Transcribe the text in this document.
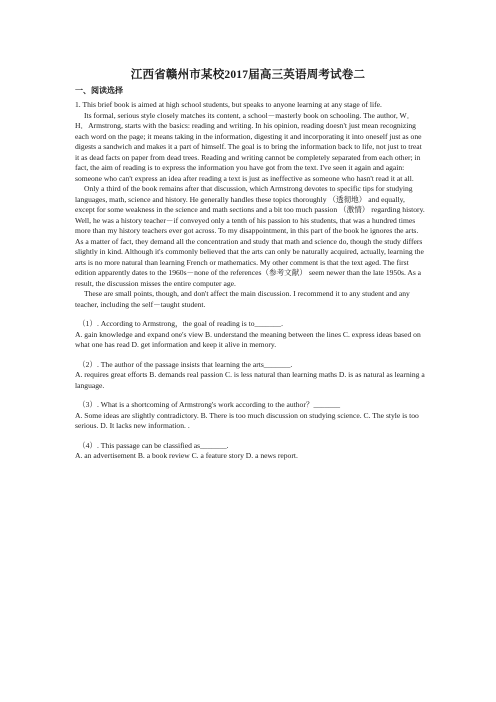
江西省赣州市某校2017届高三英语周考试卷二
一、阅读选择

1. This brief book is aimed at high school students, but speaks to anyone learning at any stage of life.

Its formal, serious style closely matches its content, a school－masterly book on schooling. The author, W．H．Armstrong, starts with the basics: reading and writing. In his opinion, reading doesn't just mean recognizing each word on the page; it means taking in the information, digesting it and incorporating it into oneself just as one digests a sandwich and makes it a part of himself. The goal is to bring the information back to life, not just to treat it as dead facts on paper from dead trees. Reading and writing cannot be completely separated from each other; in fact, the aim of reading is to express the information you have got from the text. I've seen it again and again: someone who can't express an idea after reading a text is just as ineffective as someone who hasn't read it at all.

Only a third of the book remains after that discussion, which Armstrong devotes to specific tips for studying languages, math, science and history. He generally handles these topics thoroughly （透彻地） and equally, except for some weakness in the science and math sections and a bit too much passion （激情） regarding history. Well, he was a history teacher－if conveyed only a tenth of his passion to his students, that was a hundred times more than my history teachers ever got across. To my disappointment, in this part of the book he ignores the arts. As a matter of fact, they demand all the concentration and study that math and science do, though the study differs slightly in kind. Although it's commonly believed that the arts can only be naturally acquired, actually, learning the arts is no more natural than learning French or mathematics. My other comment is that the text aged. The first edition apparently dates to the 1960s－none of the references（参考文献） seem newer than the late 1950s. As a result, the discussion misses the entire computer age.

These are small points, though, and don't affect the main discussion. I recommend it to any student and any teacher, including the self－taught student.

（1）. According to Armstrong，the goal of reading is to_______.

A. gain knowledge and expand one's view B. understand the meaning between the lines C. express ideas based on what one has read D. get information and keep it alive in memory.

（2）. The author of the passage insists that learning the arts_______.

A. requires great efforts B. demands real passion C. is less natural than learning maths D. is as natural as learning a language.

（3）. What is a shortcoming of Armstrong's work according to the author？_______

A. Some ideas are slightly contradictory. B. There is too much discussion on studying science. C. The style is too serious. D. It lacks new information. .

（4）. This passage can be classified as_______.

A. an advertisement B. a book review C. a feature story D. a news report.
